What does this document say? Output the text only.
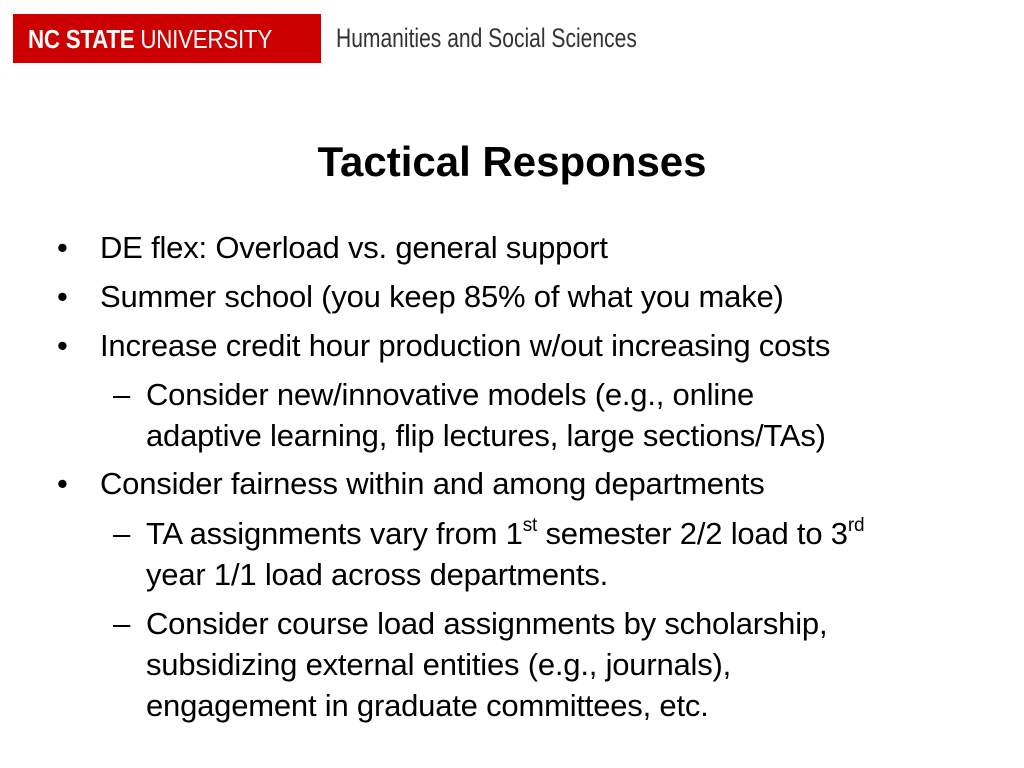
NC STATE UNIVERSITY Humanities and Social Sciences
Tactical Responses
• DE flex: Overload vs. general support
• Summer school (you keep 85% of what you make)
• Increase credit hour production w/out increasing costs
– Consider new/innovative models (e.g., online
adaptive learning, flip lectures, large sections/TAs)
• Consider fairness within and among departments
– TA assignments vary from 1st semester 2/2 load to 3rd
year 1/1 load across departments.
– Consider course load assignments by scholarship,
subsidizing external entities (e.g., journals),
engagement in graduate committees, etc.
